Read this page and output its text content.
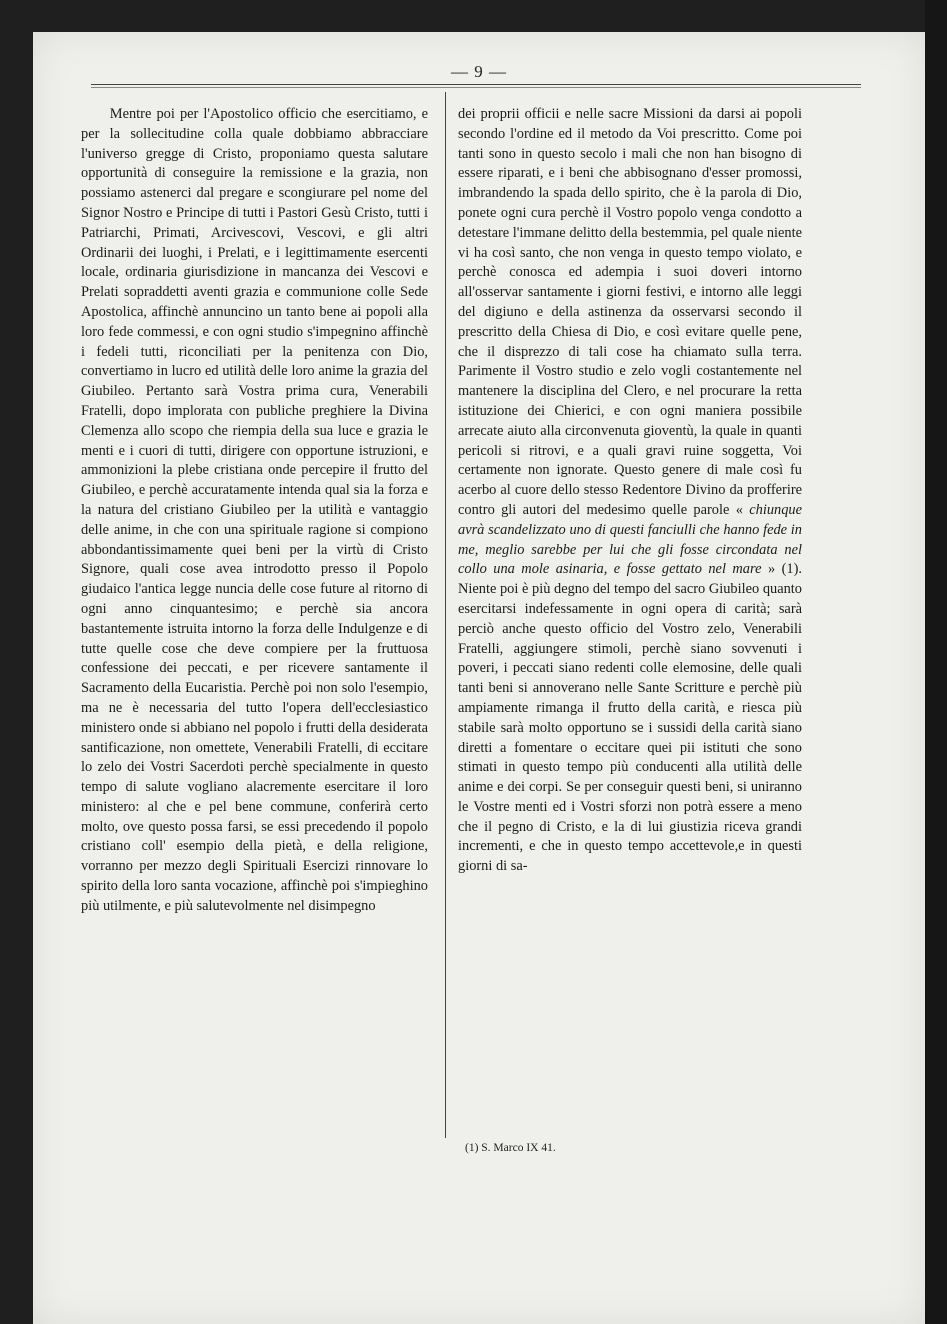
— 9 —

Mentre poi per l'Apostolico officio che esercitiamo, e per la sollecitudine colla quale dobbiamo abbracciare l'universo gregge di Cristo, proponiamo questa salutare opportunità di conseguire la remissione e la grazia, non possiamo astenerci dal pregare e scongiurare pel nome del Signor Nostro e Principe di tutti i Pastori Gesù Cristo, tutti i Patriarchi, Primati, Arcivescovi, Vescovi, e gli altri Ordinarii dei luoghi, i Prelati, e i legittimamente esercenti locale, ordinaria giurisdizione in mancanza dei Vescovi e Prelati sopraddetti aventi grazia e communione colle Sede Apostolica, affinchè annuncino un tanto bene ai popoli alla loro fede commessi, e con ogni studio s'impegnino affinchè i fedeli tutti, riconciliati per la penitenza con Dio, convertiamo in lucro ed utilità delle loro anime la grazia del Giubileo. Pertanto sarà Vostra prima cura, Venerabili Fratelli, dopo implorata con publiche preghiere la Divina Clemenza allo scopo che riempia della sua luce e grazia le menti e i cuori di tutti, dirigere con opportune istruzioni, e ammonizioni la plebe cristiana onde percepire il frutto del Giubileo, e perchè accuratamente intenda qual sia la forza e la natura del cristiano Giubileo per la utilità e vantaggio delle anime, in che con una spirituale ragione si compiono abbondantissimamente quei beni per la virtù di Cristo Signore, quali cose avea introdotto presso il Popolo giudaico l'antica legge nuncia delle cose future al ritorno di ogni anno cinquantesimo; e perchè sia ancora bastantemente istruita intorno la forza delle Indulgenze e di tutte quelle cose che deve compiere per la fruttuosa confessione dei peccati, e per ricevere santamente il Sacramento della Eucaristia. Perchè poi non solo l'esempio, ma ne è necessaria del tutto l'opera dell'ecclesiastico ministero onde si abbiano nel popolo i frutti della desiderata santificazione, non omettete, Venerabili Fratelli, di eccitare lo zelo dei Vostri Sacerdoti perchè specialmente in questo tempo di salute vogliano alacremente esercitare il loro ministero: al che e pel bene commune, conferirà certo molto, ove questo possa farsi, se essi precedendo il popolo cristiano coll' esempio della pietà, e della religione, vorranno per mezzo degli Spirituali Esercizi rinnovare lo spirito della loro santa vocazione, affinchè poi s'impieghino più utilmente, e più salutevolmente nel disimpegno

dei proprii officii e nelle sacre Missioni da darsi ai popoli secondo l'ordine ed il metodo da Voi prescritto. Come poi tanti sono in questo secolo i mali che non han bisogno di essere riparati, e i beni che abbisognano d'esser promossi, imbrandendo la spada dello spirito, che è la parola di Dio, ponete ogni cura perchè il Vostro popolo venga condotto a detestare l'immane delitto della bestemmia, pel quale niente vi ha così santo, che non venga in questo tempo violato, e perchè conosca ed adempia i suoi doveri intorno all'osservar santamente i giorni festivi, e intorno alle leggi del digiuno e della astinenza da osservarsi secondo il prescritto della Chiesa di Dio, e così evitare quelle pene, che il disprezzo di tali cose ha chiamato sulla terra. Parimente il Vostro studio e zelo vogli costantemente nel mantenere la disciplina del Clero, e nel procurare la retta istituzione dei Chierici, e con ogni maniera possibile arrecate aiuto alla circonvenuta gioventù, la quale in quanti pericoli si ritrovi, e a quali gravi ruine soggetta, Voi certamente non ignorate. Questo genere di male così fu acerbo al cuore dello stesso Redentore Divino da profferire contro gli autori del medesimo quelle parole « chiunque avrà scandelizzato uno di questi fanciulli che hanno fede in me, meglio sarebbe per lui che gli fosse circondata nel collo una mole asinaria, e fosse gettato nel mare » (1). Niente poi è più degno del tempo del sacro Giubileo quanto esercitarsi indefessamente in ogni opera di carità; sarà perciò anche questo officio del Vostro zelo, Venerabili Fratelli, aggiungere stimoli, perchè siano sovvenuti i poveri, i peccati siano redenti colle elemosine, delle quali tanti beni si annoverano nelle Sante Scritture e perchè più ampiamente rimanga il frutto della carità, e riesca più stabile sarà molto opportuno se i sussidi della carità siano diretti a fomentare o eccitare quei pii istituti che sono stimati in questo tempo più conducenti alla utilità delle anime e dei corpi. Se per conseguir questi beni, si uniranno le Vostre menti ed i Vostri sforzi non potrà essere a meno che il pegno di Cristo, e la di lui giustizia riceva grandi incrementi, e che in questo tempo accettevole,e in questi giorni di sa-

(1) S. Marco IX 41.
